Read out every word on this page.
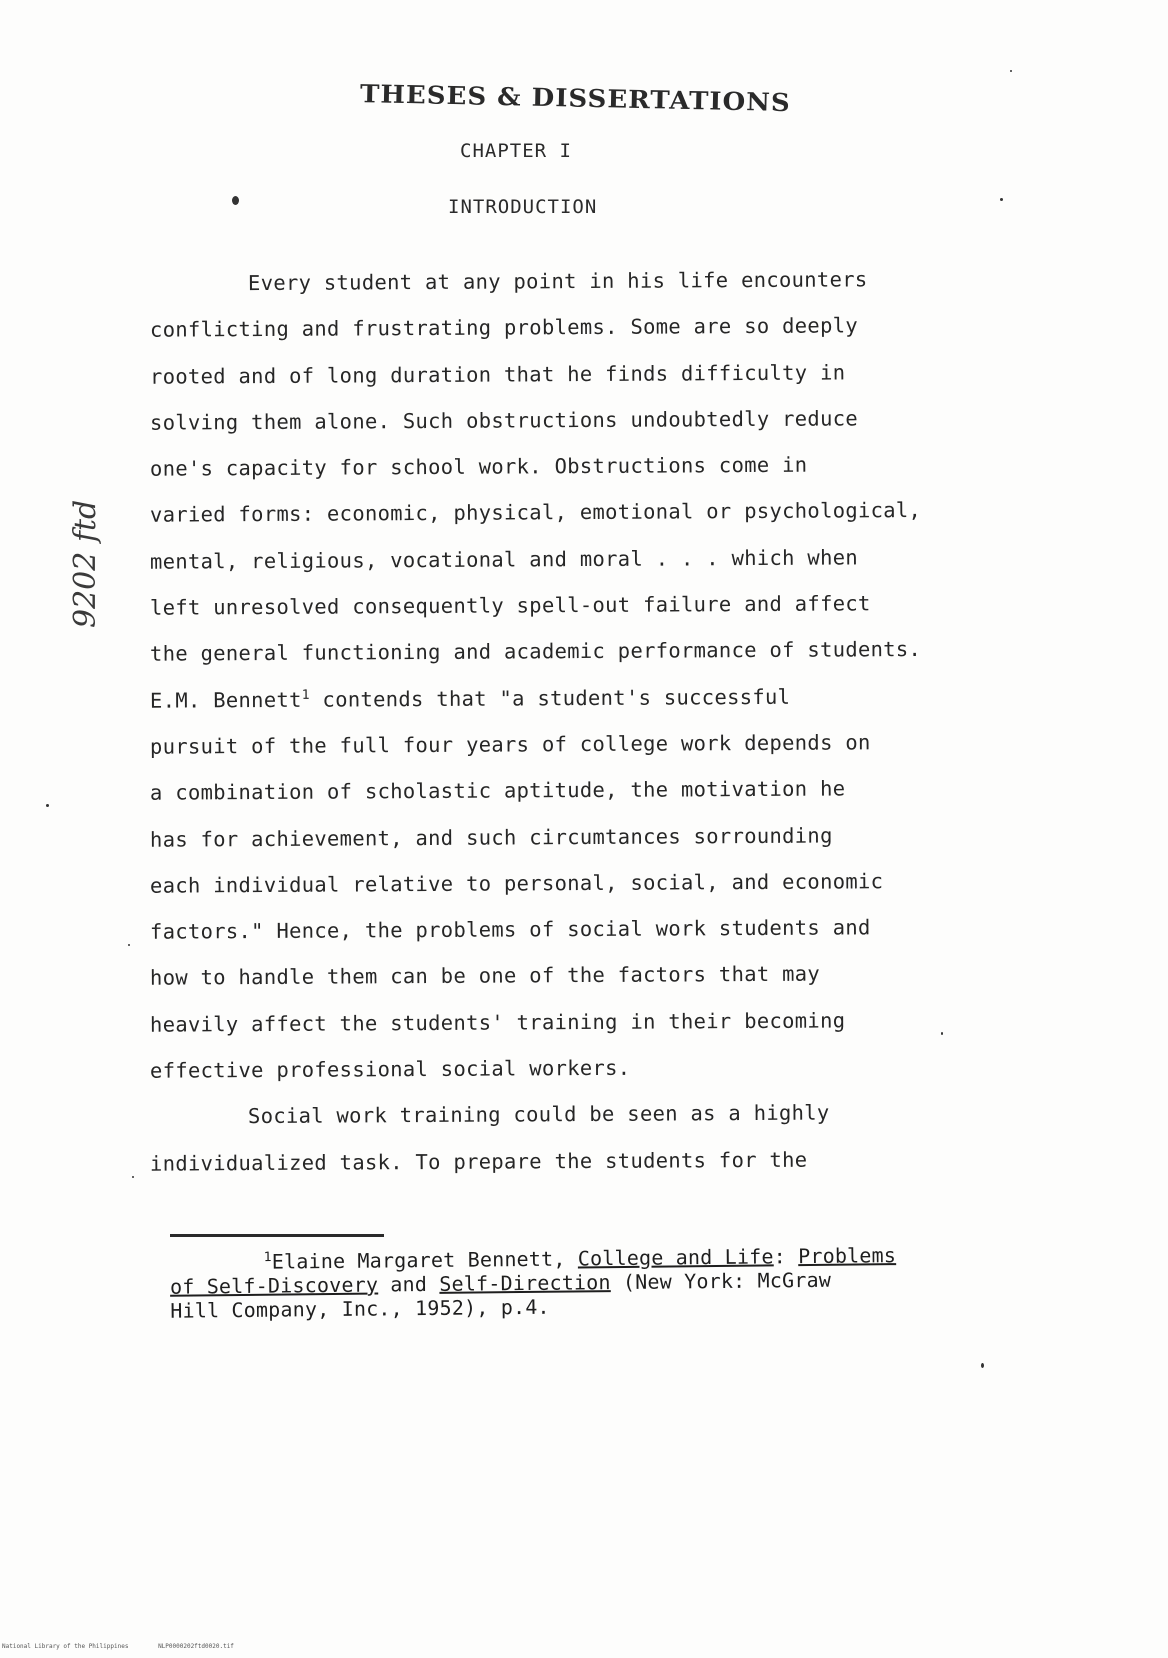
THESES & DISSERTATIONS
CHAPTER I
INTRODUCTION
9202 ftd
Every student at any point in his life encounters
conflicting and frustrating problems. Some are so deeply
rooted and of long duration that he finds difficulty in
solving them alone. Such obstructions undoubtedly reduce
one's capacity for school work. Obstructions come in
varied forms: economic, physical, emotional or psychological,
mental, religious, vocational and moral . . . which when
left unresolved consequently spell-out failure and affect
the general functioning and academic performance of students.
E.M. Bennett$^1$ contends that "a student's successful
pursuit of the full four years of college work depends on
a combination of scholastic aptitude, the motivation he
has for achievement, and such circumtances sorrounding
each individual relative to personal, social, and economic
factors." Hence, the problems of social work students and
how to handle them can be one of the factors that may
heavily affect the students' training in their becoming
effective professional social workers.
Social work training could be seen as a highly
individualized task. To prepare the students for the
$^1$Elaine Margaret Bennett, College and Life: Problems
of Self-Discovery and Self-Direction (New York: McGraw
Hill Company, Inc., 1952), p.4.
National Library of the Philippines	NLP0000202ftd0020.tif
